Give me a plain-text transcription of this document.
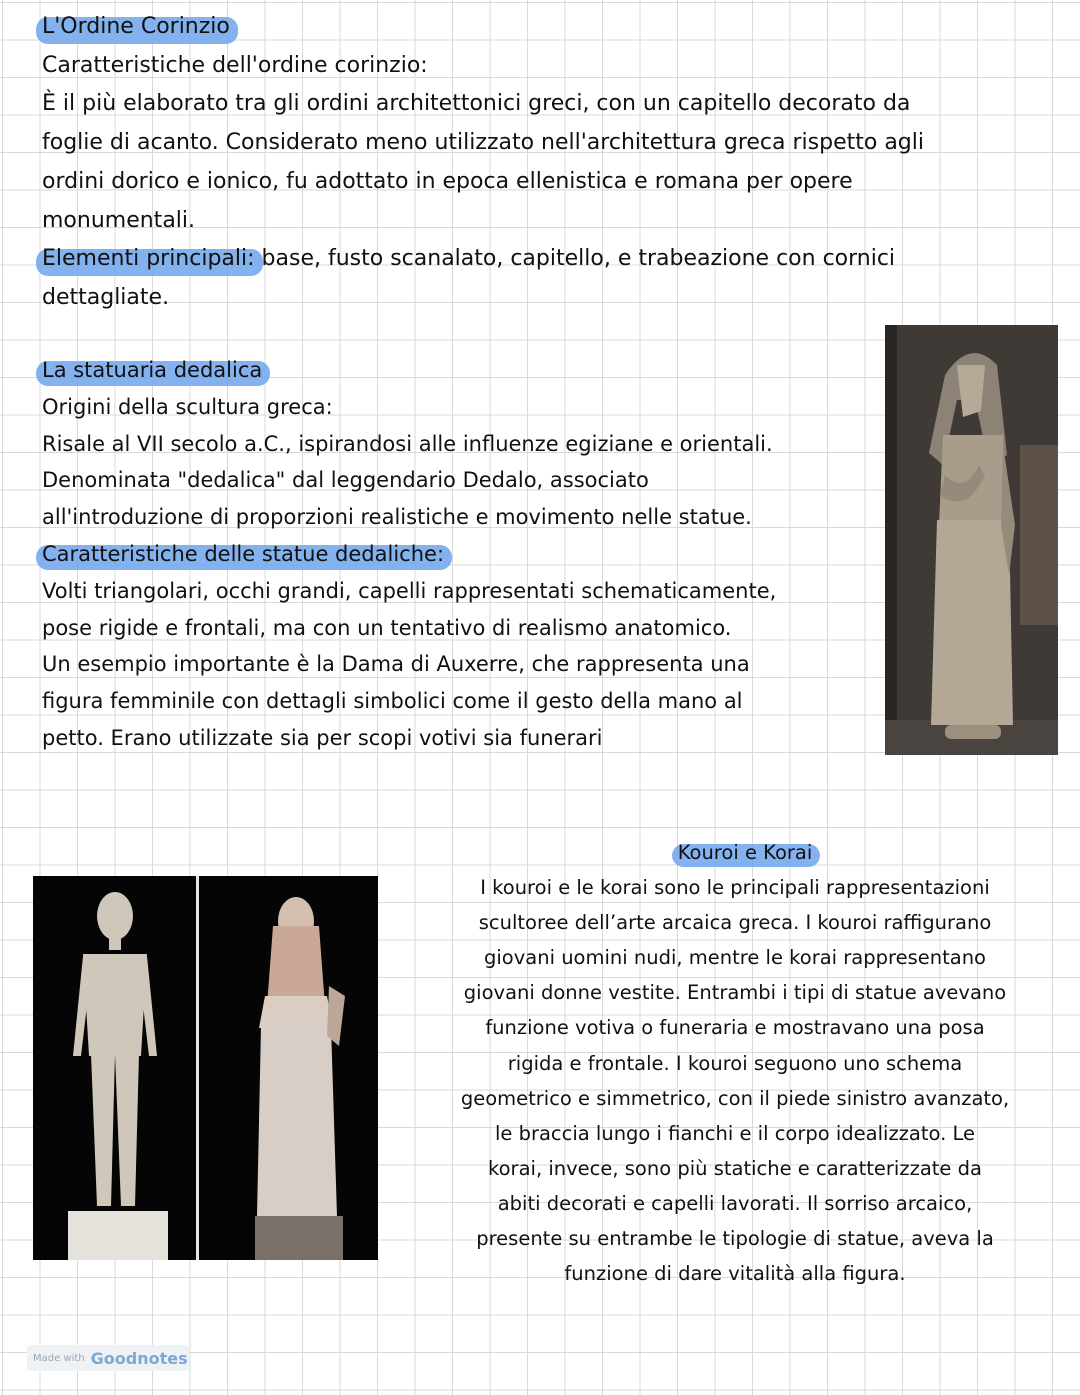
L'Ordine Corinzio
Caratteristiche dell'ordine corinzio:
È il più elaborato tra gli ordini architettonici greci, con un capitello decorato da
foglie di acanto. Considerato meno utilizzato nell'architettura greca rispetto agli
ordini dorico e ionico, fu adottato in epoca ellenistica e romana per opere
monumentali.
Elementi principali: base, fusto scanalato, capitello, e trabeazione con cornici
dettagliate.
La statuaria dedalica
Origini della scultura greca:
Risale al VII secolo a.C., ispirandosi alle influenze egiziane e orientali.
Denominata "dedalica" dal leggendario Dedalo, associato
all'introduzione di proporzioni realistiche e movimento nelle statue.
Caratteristiche delle statue dedaliche:
Volti triangolari, occhi grandi, capelli rappresentati schematicamente,
pose rigide e frontali, ma con un tentativo di realismo anatomico.
Un esempio importante è la Dama di Auxerre, che rappresenta una
figura femminile con dettagli simbolici come il gesto della mano al
petto. Erano utilizzate sia per scopi votivi sia funerari
Kouroi e Korai
I kouroi e le korai sono le principali rappresentazioni
scultoree dell’arte arcaica greca. I kouroi raffigurano
giovani uomini nudi, mentre le korai rappresentano
giovani donne vestite. Entrambi i tipi di statue avevano
funzione votiva o funeraria e mostravano una posa
rigida e frontale. I kouroi seguono uno schema
geometrico e simmetrico, con il piede sinistro avanzato,
le braccia lungo i fianchi e il corpo idealizzato. Le
korai, invece, sono più statiche e caratterizzate da
abiti decorati e capelli lavorati. Il sorriso arcaico,
presente su entrambe le tipologie di statue, aveva la
funzione di dare vitalità alla figura.
Made with Goodnotes
